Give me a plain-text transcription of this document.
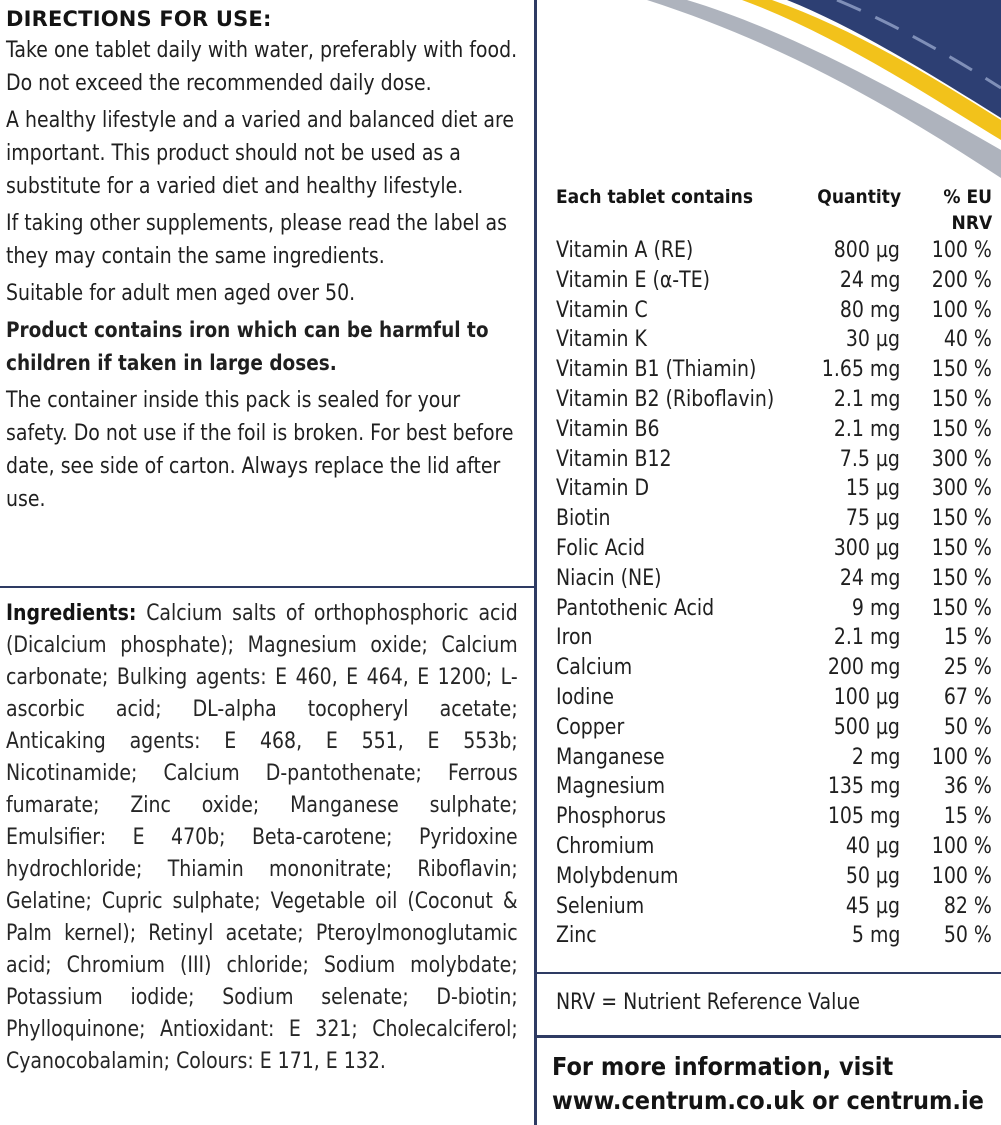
DIRECTIONS FOR USE:

Take one tablet daily with water, preferably with food. Do not exceed the recommended daily dose.

A healthy lifestyle and a varied and balanced diet are important. This product should not be used as a substitute for a varied diet and healthy lifestyle.

If taking other supplements, please read the label as they may contain the same ingredients.

Suitable for adult men aged over 50.

Product contains iron which can be harmful to children if taken in large doses.

The container inside this pack is sealed for your safety. Do not use if the foil is broken. For best before date, see side of carton. Always replace the lid after use.

Ingredients: Calcium salts of orthophosphoric acid (Dicalcium phosphate); Magnesium oxide; Calcium carbonate; Bulking agents: E 460, E 464, E 1200; L-ascorbic acid; DL-alpha tocopheryl acetate; Anticaking agents: E 468, E 551, E 553b; Nicotinamide; Calcium D-pantothenate; Ferrous fumarate; Zinc oxide; Manganese sulphate; Emulsifier: E 470b; Beta-carotene; Pyridoxine hydrochloride; Thiamin mononitrate; Riboflavin; Gelatine; Cupric sulphate; Vegetable oil (Coconut & Palm kernel); Retinyl acetate; Pteroylmonoglutamic acid; Chromium (III) chloride; Sodium molybdate; Potassium iodide; Sodium selenate; D-biotin; Phylloquinone; Antioxidant: E 321; Cholecalciferol; Cyanocobalamin; Colours: E 171, E 132.
Each tablet contains	Quantity	% EU
NRV
Vitamin A (RE)	800 µg	100 %
Vitamin E (α-TE)	24 mg	200 %
Vitamin C	80 mg	100 %
Vitamin K	30 µg	40 %
Vitamin B1 (Thiamin)	1.65 mg	150 %
Vitamin B2 (Riboflavin)	2.1 mg	150 %
Vitamin B6	2.1 mg	150 %
Vitamin B12	7.5 µg	300 %
Vitamin D	15 µg	300 %
Biotin	75 µg	150 %
Folic Acid	300 µg	150 %
Niacin (NE)	24 mg	150 %
Pantothenic Acid	9 mg	150 %
Iron	2.1 mg	15 %
Calcium	200 mg	25 %
Iodine	100 µg	67 %
Copper	500 µg	50 %
Manganese	2 mg	100 %
Magnesium	135 mg	36 %
Phosphorus	105 mg	15 %
Chromium	40 µg	100 %
Molybdenum	50 µg	100 %
Selenium	45 µg	82 %
Zinc	5 mg	50 %
NRV = Nutrient Reference Value
For more information, visit
www.centrum.co.uk or centrum.ie
